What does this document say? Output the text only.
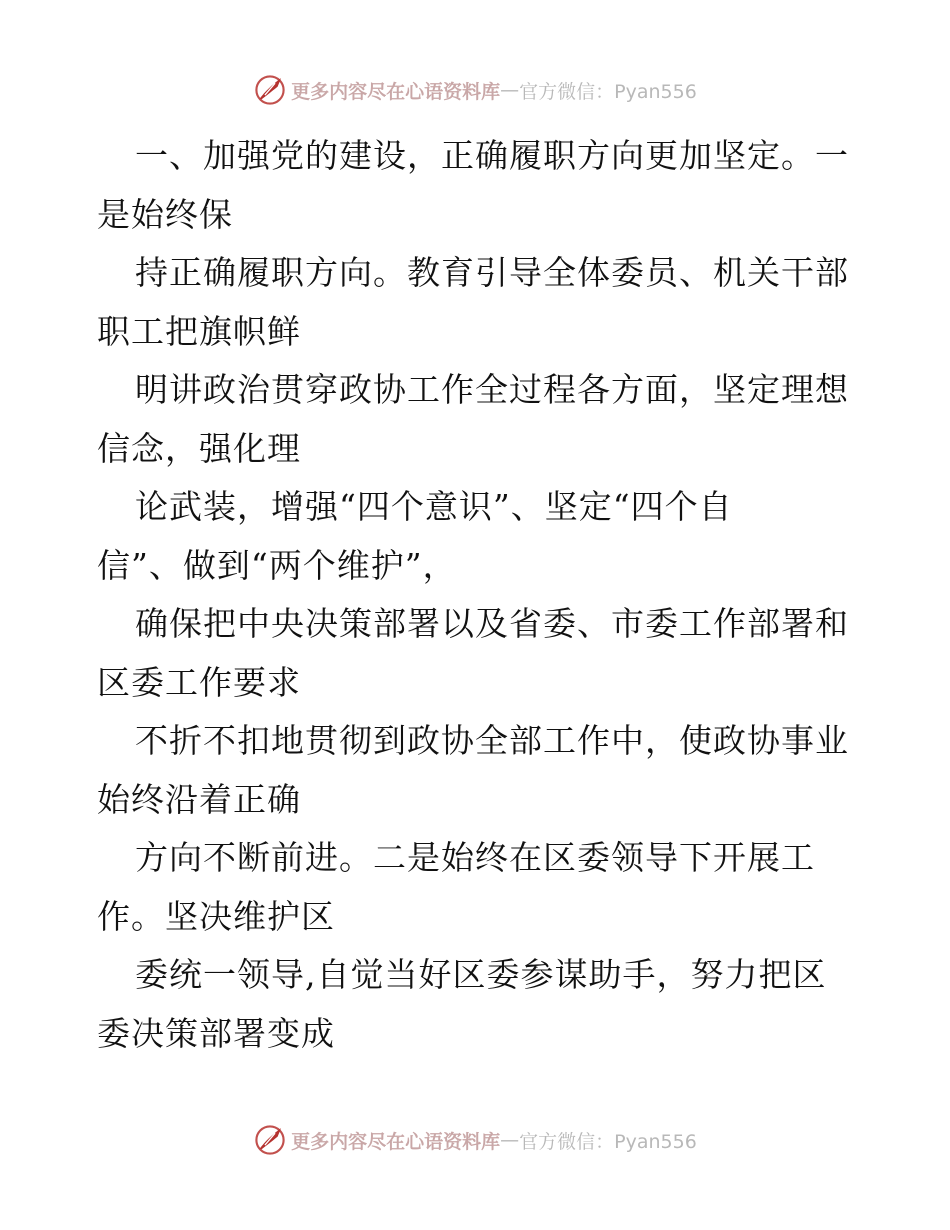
更多内容尽在心语资料库 — 官方微信：Pyan556

一、加强党的建设，正确履职方向更加坚定。一
是始终保

持正确履职方向。教育引导全体委员、机关干部
职工把旗帜鲜

明讲政治贯穿政协工作全过程各方面，坚定理想
信念，强化理

论武装，增强“四个意识”、坚定“四个自
信”、做到“两个维护”，

确保把中央决策部署以及省委、市委工作部署和
区委工作要求

不折不扣地贯彻到政协全部工作中，使政协事业
始终沿着正确

方向不断前进。二是始终在区委领导下开展工
作。坚决维护区

委统一领导,自觉当好区委参谋助手，努力把区
委决策部署变成

更多内容尽在心语资料库 — 官方微信：Pyan556
